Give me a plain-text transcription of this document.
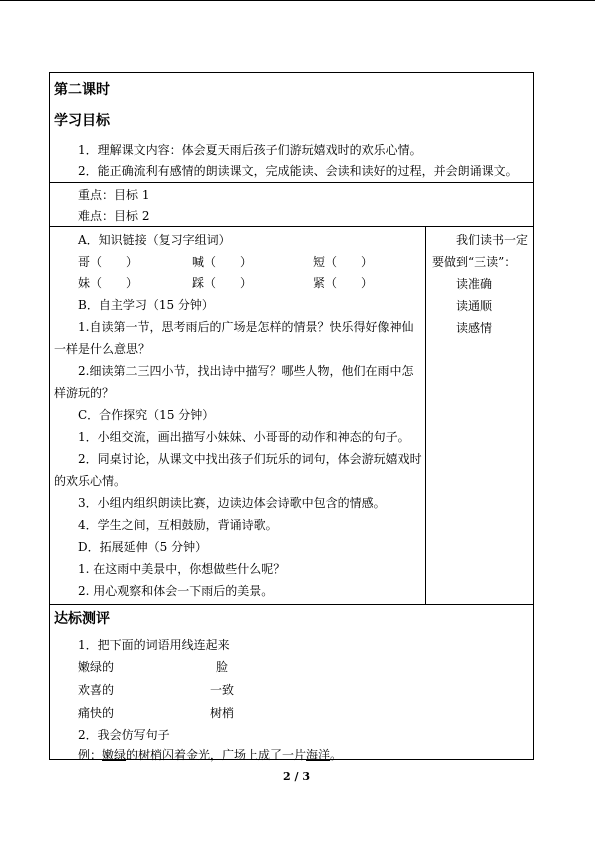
第二课时
学习目标
1．理解课文内容：体会夏天雨后孩子们游玩嬉戏时的欢乐心情。
2．能正确流利有感情的朗读课文，完成能读、会读和读好的过程，并会朗诵课文。
重点：目标 1
难点：目标 2
A．知识链接（复习字组词）
哥（　　）	喊（　　）	短（　　）
妹（　　）	踩（　　）	紧（　　）
B．自主学习（15 分钟）
1.自读第一节，思考雨后的广场是怎样的情景？快乐得好像神仙
一样是什么意思？
2.细读第二三四小节，找出诗中描写？哪些人物，他们在雨中怎
样游玩的？
C．合作探究（15 分钟）
1．小组交流，画出描写小妹妹、小哥哥的动作和神态的句子。
2．同桌讨论，从课文中找出孩子们玩乐的词句，体会游玩嬉戏时
的欢乐心情。
3．小组内组织朗读比赛，边读边体会诗歌中包含的情感。
4．学生之间，互相鼓励，背诵诗歌。
D．拓展延伸（5 分钟）
1. 在这雨中美景中，你想做些什么呢？
2. 用心观察和体会一下雨后的美景。
我们读书一定
要做到“三读”：
读准确
读通顺
读感情
达标测评
1．把下面的词语用线连起来
嫩绿的	脸
欢喜的	一致
痛快的	树梢
2．我会仿写句子
例：嫩绿的树梢闪着金光，广场上成了一片海洋。
2 / 3
